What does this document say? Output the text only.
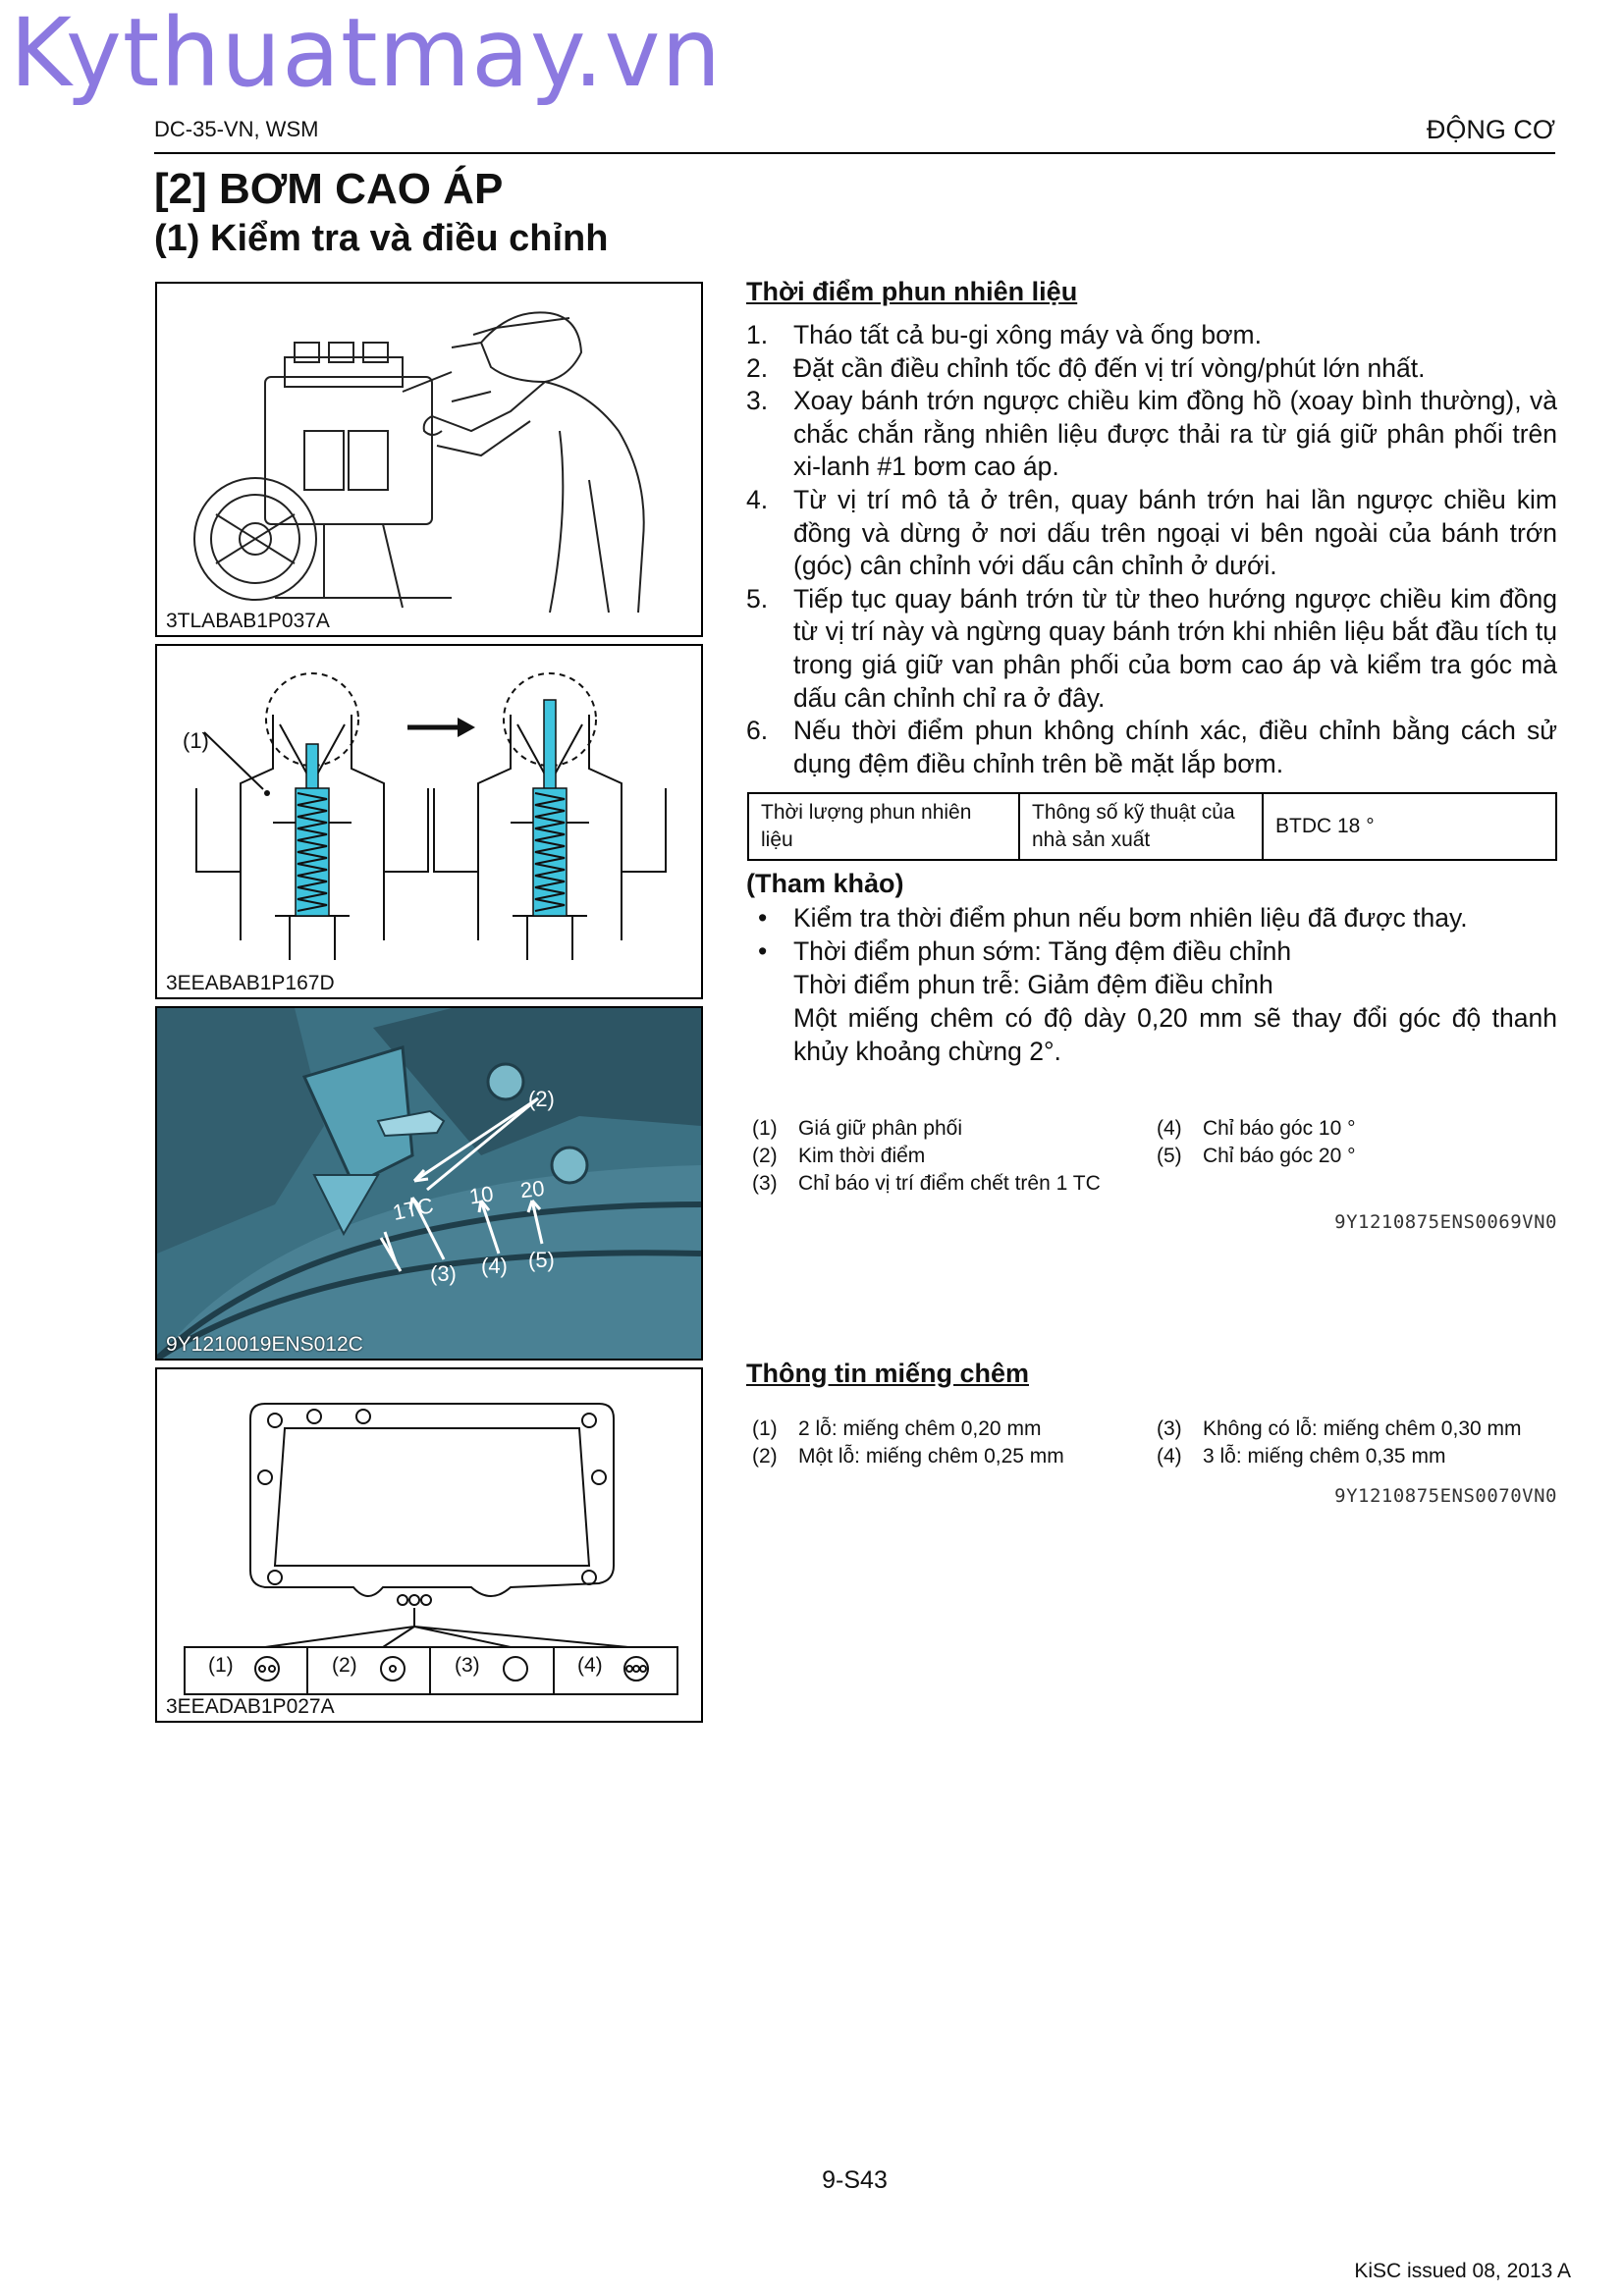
Kythuatmay.vn
DC-35-VN, WSM	ĐỘNG CƠ
[2] BƠM CAO ÁP
(1) Kiểm tra và điều chỉnh
3TLABAB1P037A
(1)
3EEABAB1P167D
(2)
(3) (4) (5)
1TC 10 20
9Y1210019ENS012C
(1)	(2)	(3)	(4)
3EEADAB1P027A
Thời điểm phun nhiên liệu
1. Tháo tất cả bu-gi xông máy và ống bơm.
2. Đặt cần điều chỉnh tốc độ đến vị trí vòng/phút lớn nhất.
3. Xoay bánh trớn ngược chiều kim đồng hồ (xoay bình thường), và chắc chắn rằng nhiên liệu được thải ra từ giá giữ phân phối trên xi-lanh #1 bơm cao áp.
4. Từ vị trí mô tả ở trên, quay bánh trớn hai lần ngược chiều kim đồng và dừng ở nơi dấu trên ngoại vi bên ngoài của bánh trớn (góc) cân chỉnh với dấu cân chỉnh ở dưới.
5. Tiếp tục quay bánh trớn từ từ theo hướng ngược chiều kim đồng từ vị trí này và ngừng quay bánh trớn khi nhiên liệu bắt đầu tích tụ trong giá giữ van phân phối của bơm cao áp và kiểm tra góc mà dấu cân chỉnh chỉ ra ở đây.
6. Nếu thời điểm phun không chính xác, điều chỉnh bằng cách sử dụng đệm điều chỉnh trên bề mặt lắp bơm.
Thời lượng phun nhiên liệu	Thông số kỹ thuật của nhà sản xuất	BTDC 18 °
(Tham khảo)
•	Kiểm tra thời điểm phun nếu bơm nhiên liệu đã được thay.
•	Thời điểm phun sớm: Tăng đệm điều chỉnh
Thời điểm phun trễ: Giảm đệm điều chỉnh
Một miếng chêm có độ dày 0,20 mm sẽ thay đổi góc độ thanh khủy khoảng chừng 2°.
(1)	Giá giữ phân phối
(2)	Kim thời điểm
(3)	Chỉ báo vị trí điểm chết trên 1 TC
(4)	Chỉ báo góc 10 °
(5)	Chỉ báo góc 20 °
9Y1210875ENS0069VN0
Thông tin miếng chêm
(1)	2 lỗ: miếng chêm 0,20 mm
(2)	Một lỗ: miếng chêm 0,25 mm
(3)	Không có lỗ: miếng chêm 0,30 mm
(4)	3 lỗ: miếng chêm 0,35 mm
9Y1210875ENS0070VN0
9-S43
KiSC issued 08, 2013 A
